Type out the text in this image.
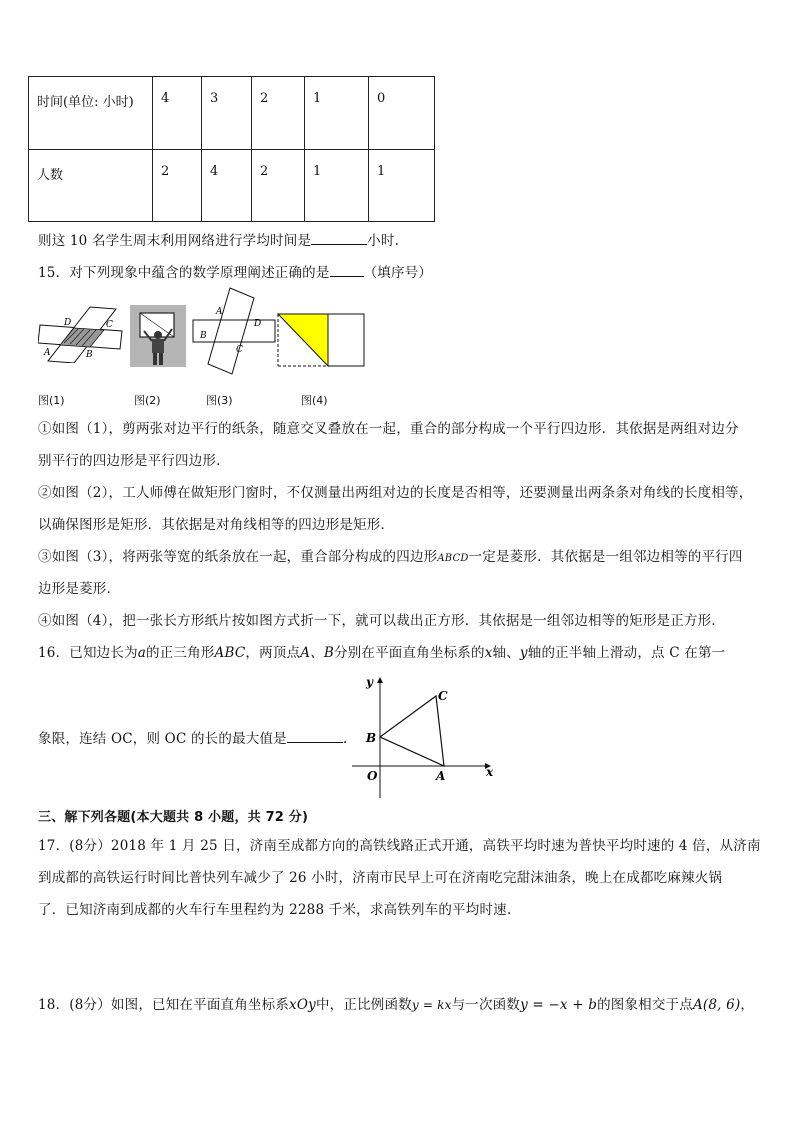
时间(单位: 小时)	4	3	2	1	0
人数	2	4	2	1	1
则这 10 名学生周末利用网络进行学均时间是	小时.
15．对下列现象中蕴含的数学原理阐述正确的是	（填序号）
D	C
A	B
A
D
B
C
图(1)	图(2)	图(3)	图(4)
①如图（1），剪两张对边平行的纸条，随意交叉叠放在一起，重合的部分构成一个平行四边形．其依据是两组对边分
别平行的四边形是平行四边形．
②如图（2），工人师傅在做矩形门窗时，不仅测量出两组对边的长度是否相等，还要测量出两条条对角线的长度相等，
以确保图形是矩形．其依据是对角线相等的四边形是矩形．
③如图（3），将两张等宽的纸条放在一起，重合部分构成的四边形ABCD一定是菱形．其依据是一组邻边相等的平行四
边形是菱形．
④如图（4），把一张长方形纸片按如图方式折一下，就可以裁出正方形．其依据是一组邻边相等的矩形是正方形．
16．已知边长为a的正三角形ABC，两顶点A、B分别在平面直角坐标系的x轴、y轴的正半轴上滑动，点 C 在第一
象限，连结 OC，则 OC 的长的最大值是	.
y
x
O	A
B
C
三、解下列各题(本大题共 8 小题，共 72 分)
17．(8分）2018 年 1 月 25 日，济南至成都方向的高铁线路正式开通，高铁平均时速为普快平均时速的 4 倍，从济南
到成都的高铁运行时间比普快列车减少了 26 小时，济南市民早上可在济南吃完甜沫油条，晚上在成都吃麻辣火锅
了．已知济南到成都的火车行车里程约为 2288 千米，求高铁列车的平均时速.
18．(8分）如图，已知在平面直角坐标系xOy中，正比例函数y = kx与一次函数y = −x + b的图象相交于点A(8, 6)，
